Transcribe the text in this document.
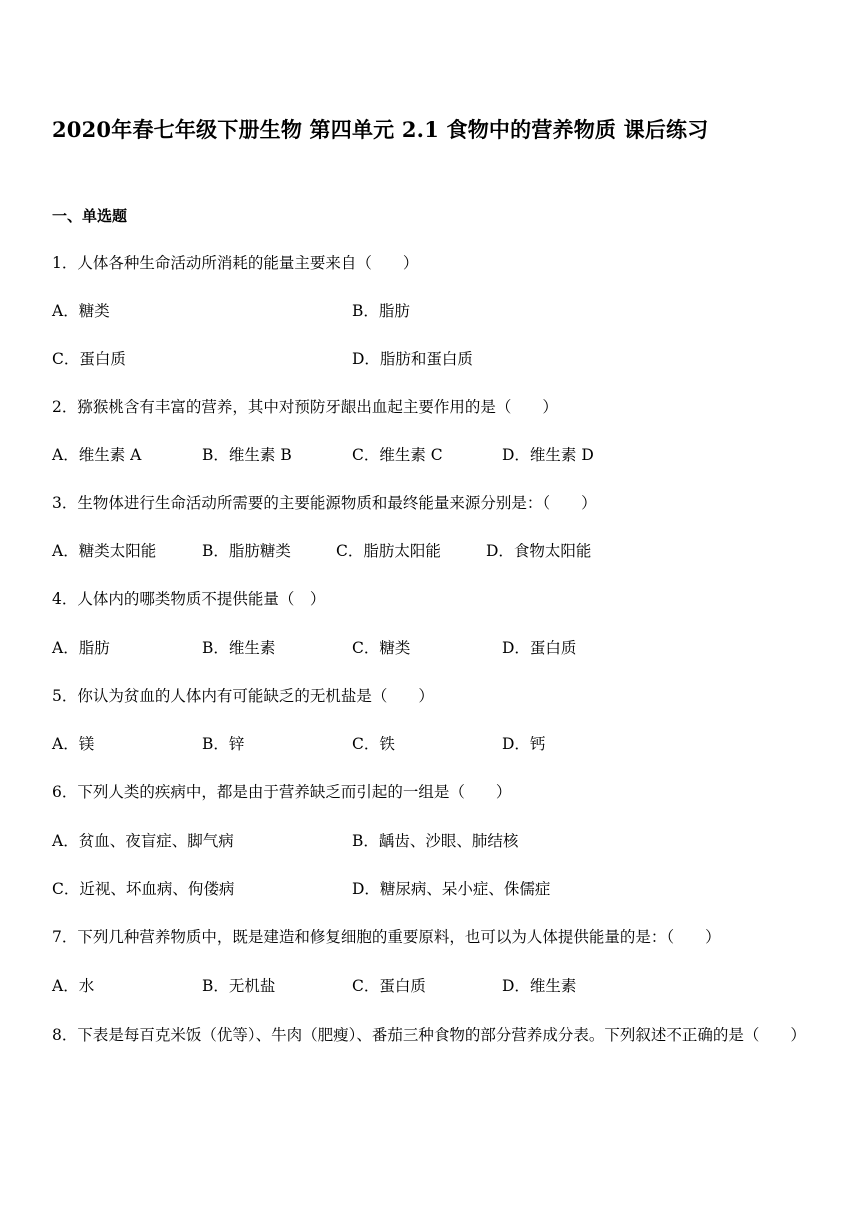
2020年春七年级下册生物 第四单元 2.1 食物中的营养物质 课后练习
一、单选题
1．人体各种生命活动所消耗的能量主要来自（　　）
A．糖类	B．脂肪
C．蛋白质	D．脂肪和蛋白质
2．猕猴桃含有丰富的营养，其中对预防牙龈出血起主要作用的是（　　）
A．维生素 A	B．维生素 B	C．维生素 C	D．维生素 D
3．生物体进行生命活动所需要的主要能源物质和最终能量来源分别是：（　　）
A．糖类太阳能	B．脂肪糖类	C．脂肪太阳能	D．食物太阳能
4．人体内的哪类物质不提供能量（　）
A．脂肪	B．维生素	C．糖类	D．蛋白质
5．你认为贫血的人体内有可能缺乏的无机盐是（　　）
A．镁	B．锌	C．铁	D．钙
6．下列人类的疾病中，都是由于营养缺乏而引起的一组是（　　）
A．贫血、夜盲症、脚气病	B．龋齿、沙眼、肺结核
C．近视、坏血病、佝偻病	D．糖尿病、呆小症、侏儒症
7．下列几种营养物质中，既是建造和修复细胞的重要原料，也可以为人体提供能量的是：（　　）
A．水	B．无机盐	C．蛋白质	D．维生素
8．下表是每百克米饭（优等）、牛肉（肥瘦）、番茄三种食物的部分营养成分表。下列叙述不正确的是（　　）
